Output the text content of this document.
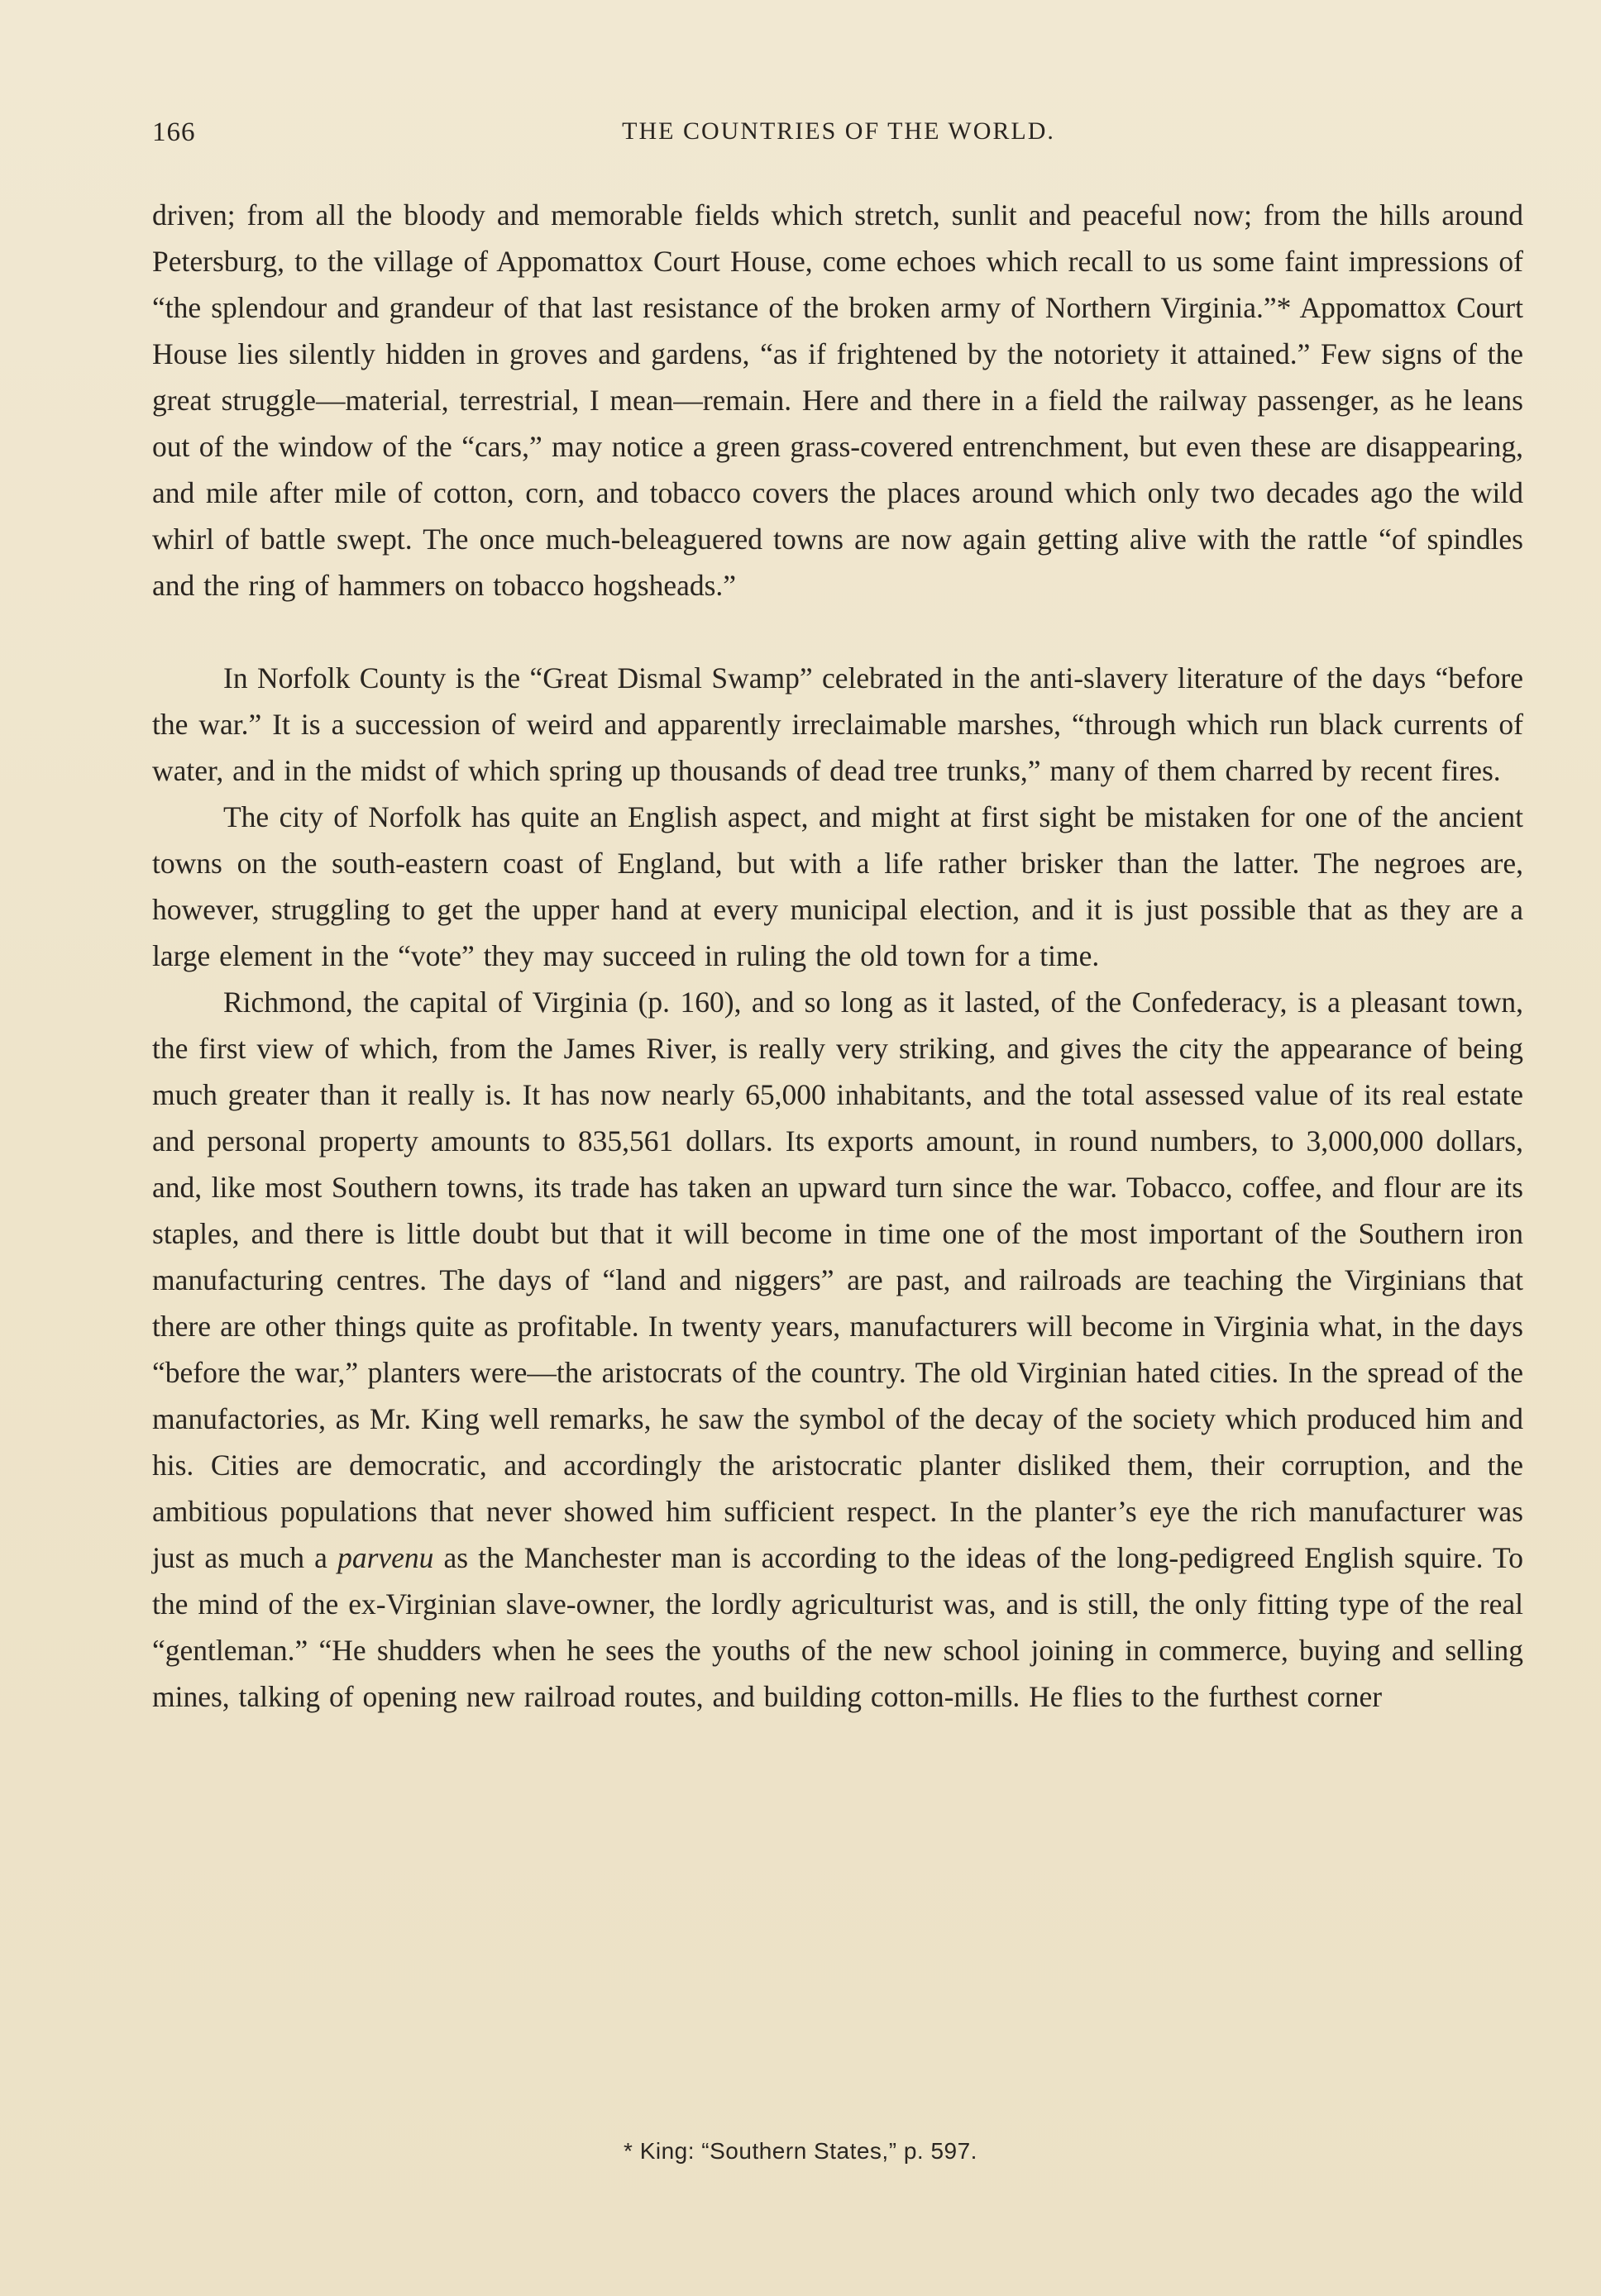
166	THE COUNTRIES OF THE WORLD.

driven; from all the bloody and memorable fields which stretch, sunlit and peaceful now; from the hills around Petersburg, to the village of Appomattox Court House, come echoes which recall to us some faint impressions of “the splendour and grandeur of that last resistance of the broken army of Northern Virginia.”* Appomattox Court House lies silently hidden in groves and gardens, “as if frightened by the notoriety it attained.” Few signs of the great struggle—material, terrestrial, I mean—remain. Here and there in a field the railway passenger, as he leans out of the window of the “cars,” may notice a green grass-covered entrenchment, but even these are disappearing, and mile after mile of cotton, corn, and tobacco covers the places around which only two decades ago the wild whirl of battle swept. The once much-beleaguered towns are now again getting alive with the rattle “of spindles and the ring of hammers on tobacco hogsheads.”

In Norfolk County is the “Great Dismal Swamp” celebrated in the anti-slavery literature of the days “before the war.” It is a succession of weird and apparently irreclaimable marshes, “through which run black currents of water, and in the midst of which spring up thousands of dead tree trunks,” many of them charred by recent fires.

The city of Norfolk has quite an English aspect, and might at first sight be mistaken for one of the ancient towns on the south-eastern coast of England, but with a life rather brisker than the latter. The negroes are, however, struggling to get the upper hand at every municipal election, and it is just possible that as they are a large element in the “vote” they may succeed in ruling the old town for a time.

Richmond, the capital of Virginia (p. 160), and so long as it lasted, of the Confederacy, is a pleasant town, the first view of which, from the James River, is really very striking, and gives the city the appearance of being much greater than it really is. It has now nearly 65,000 inhabitants, and the total assessed value of its real estate and personal property amounts to 835,561 dollars. Its exports amount, in round numbers, to 3,000,000 dollars, and, like most Southern towns, its trade has taken an upward turn since the war. Tobacco, coffee, and flour are its staples, and there is little doubt but that it will become in time one of the most important of the Southern iron manufacturing centres. The days of “land and niggers” are past, and railroads are teaching the Virginians that there are other things quite as profitable. In twenty years, manufacturers will become in Virginia what, in the days “before the war,” planters were—the aristocrats of the country. The old Virginian hated cities. In the spread of the manufactories, as Mr. King well remarks, he saw the symbol of the decay of the society which produced him and his. Cities are democratic, and accordingly the aristocratic planter disliked them, their corruption, and the ambitious populations that never showed him sufficient respect. In the planter’s eye the rich manufacturer was just as much a parvenu as the Manchester man is according to the ideas of the long-pedigreed English squire. To the mind of the ex-Virginian slave-owner, the lordly agriculturist was, and is still, the only fitting type of the real “gentleman.” “He shudders when he sees the youths of the new school joining in commerce, buying and selling mines, talking of opening new railroad routes, and building cotton-mills. He flies to the furthest corner

* King: “Southern States,” p. 597.
